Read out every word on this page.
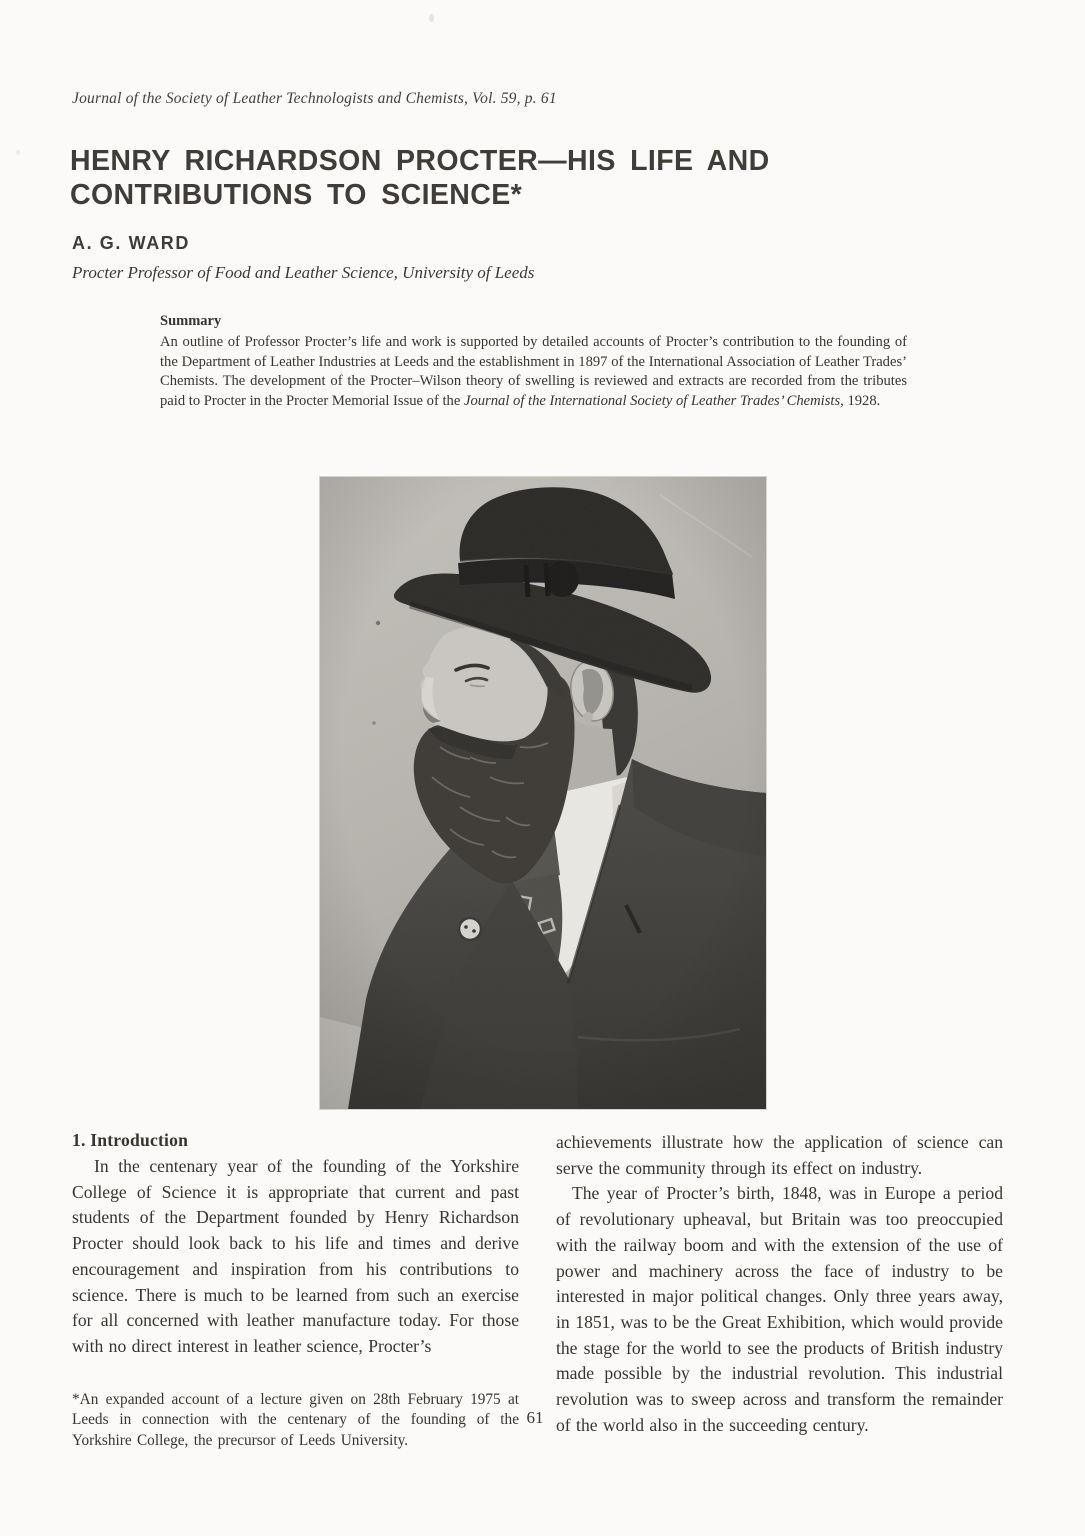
Journal of the Society of Leather Technologists and Chemists, Vol. 59, p. 61
HENRY RICHARDSON PROCTER—HIS LIFE AND
CONTRIBUTIONS TO SCIENCE*
A. G. WARD
Procter Professor of Food and Leather Science, University of Leeds

Summary

An outline of Professor Procter’s life and work is supported by detailed accounts of Procter’s contribution to the founding of the Department of Leather Industries at Leeds and the establishment in 1897 of the International Association of Leather Trades’ Chemists. The development of the Procter–Wilson theory of swelling is reviewed and extracts are recorded from the tributes paid to Procter in the Procter Memorial Issue of the Journal of the International Society of Leather Trades’ Chemists, 1928.

1. Introduction

In the centenary year of the founding of the Yorkshire College of Science it is appropriate that current and past students of the Department founded by Henry Richardson Procter should look back to his life and times and derive encouragement and inspiration from his contributions to science. There is much to be learned from such an exercise for all concerned with leather manufacture today. For those with no direct interest in leather science, Procter’s

*An expanded account of a lecture given on 28th February 1975 at Leeds in connection with the centenary of the founding of the Yorkshire College, the precursor of Leeds University.

achievements illustrate how the application of science can serve the community through its effect on industry.

The year of Procter’s birth, 1848, was in Europe a period of revolutionary upheaval, but Britain was too preoccupied with the railway boom and with the extension of the use of power and machinery across the face of industry to be interested in major political changes. Only three years away, in 1851, was to be the Great Exhibition, which would provide the stage for the world to see the products of British industry made possible by the industrial revolution. This industrial revolution was to sweep across and transform the remainder of the world also in the succeeding century.

61
